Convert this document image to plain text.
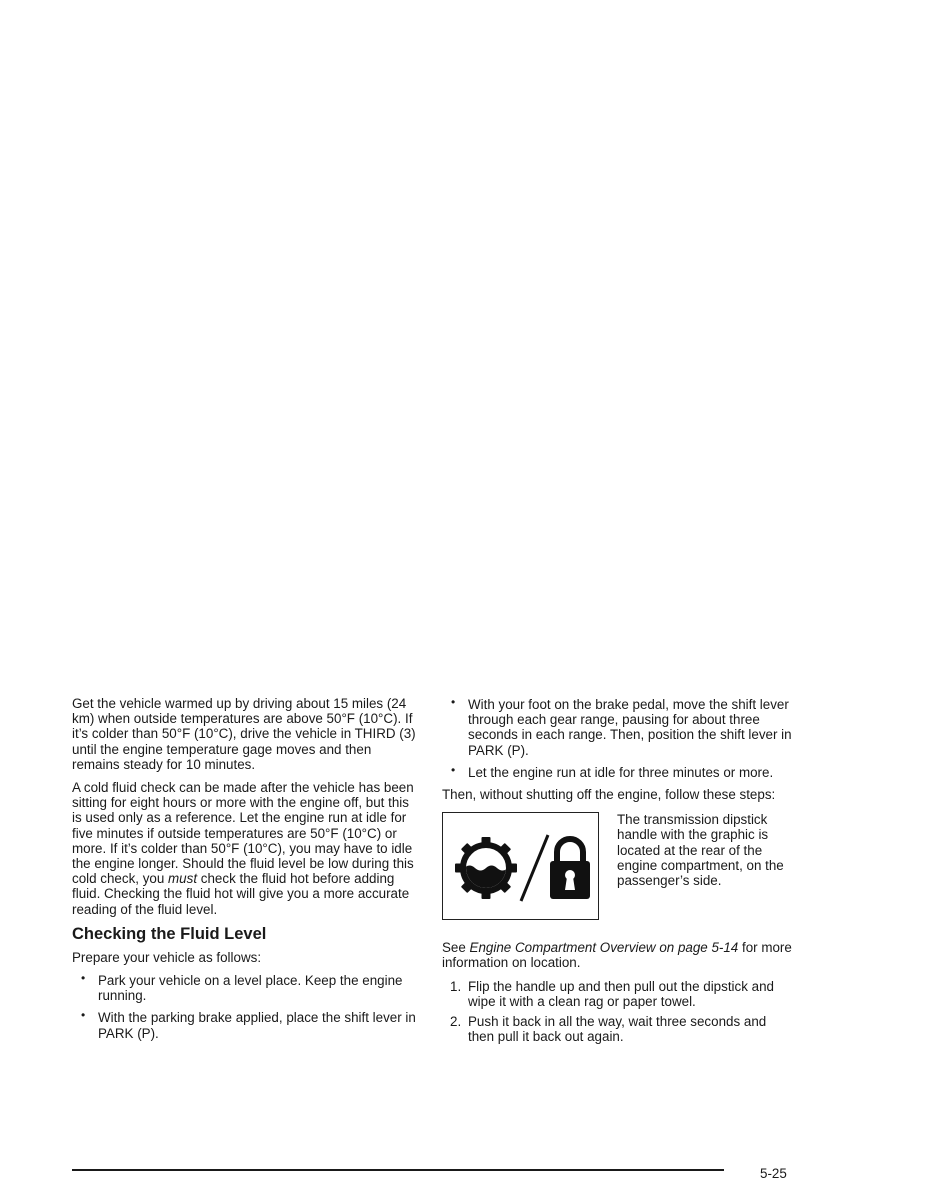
Get the vehicle warmed up by driving about 15 miles (24 km) when outside temperatures are above 50°F (10°C). If it’s colder than 50°F (10°C), drive the vehicle in THIRD (3) until the engine temperature gage moves and then remains steady for 10 minutes.

A cold fluid check can be made after the vehicle has been sitting for eight hours or more with the engine off, but this is used only as a reference. Let the engine run at idle for five minutes if outside temperatures are 50°F (10°C) or more. If it’s colder than 50°F (10°C), you may have to idle the engine longer. Should the fluid level be low during this cold check, you must check the fluid hot before adding fluid. Checking the fluid hot will give you a more accurate reading of the fluid level.

Checking the Fluid Level

Prepare your vehicle as follows:

• Park your vehicle on a level place. Keep the engine running.
• With the parking brake applied, place the shift lever in PARK (P).
• With your foot on the brake pedal, move the shift lever through each gear range, pausing for about three seconds in each range. Then, position the shift lever in PARK (P).
• Let the engine run at idle for three minutes or more.

Then, without shutting off the engine, follow these steps:

The transmission dipstick handle with the graphic is located at the rear of the engine compartment, on the passenger’s side.

See Engine Compartment Overview on page 5-14 for more information on location.

1. Flip the handle up and then pull out the dipstick and wipe it with a clean rag or paper towel.
2. Push it back in all the way, wait three seconds and then pull it back out again.
5-25
